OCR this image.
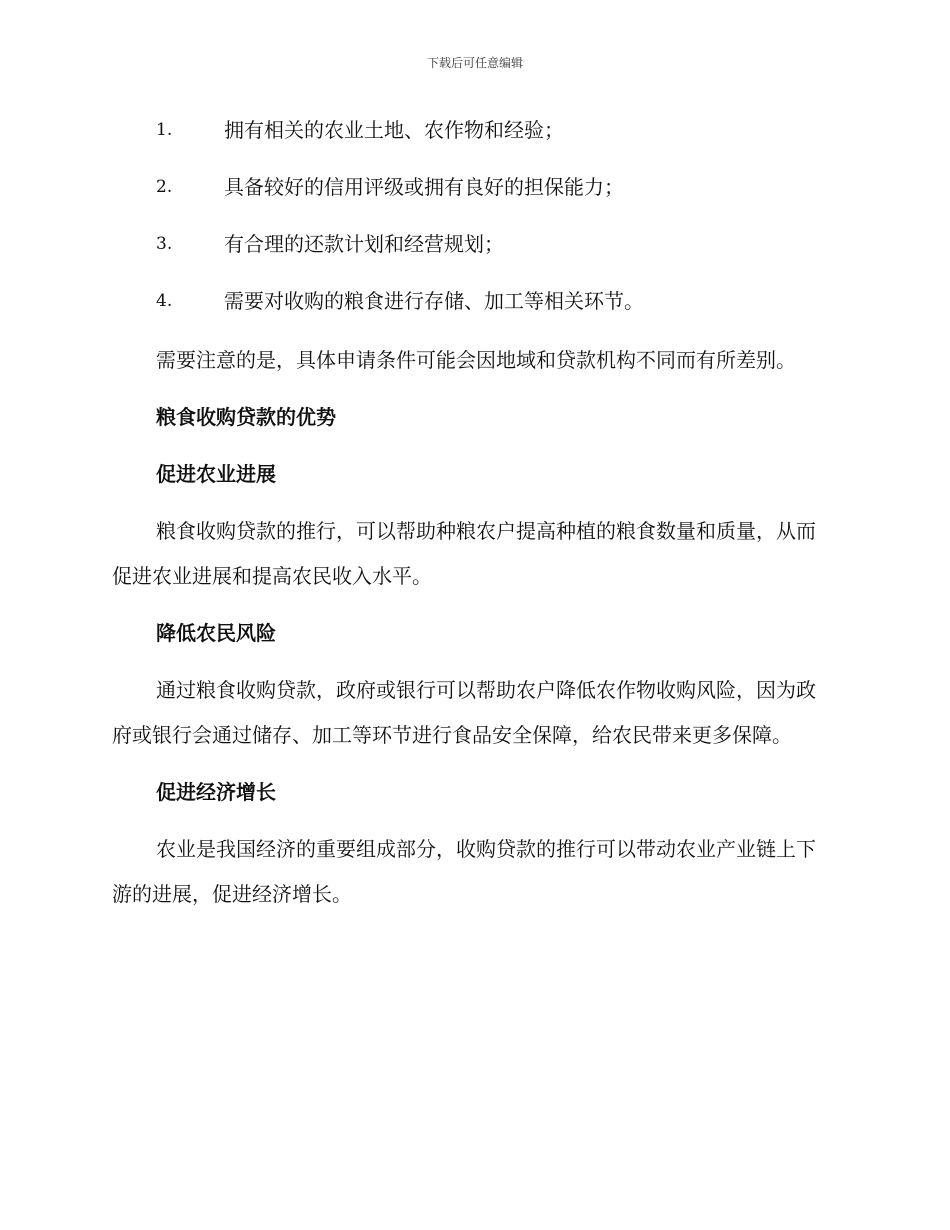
下载后可任意编辑
1.	拥有相关的农业土地、农作物和经验；
2.	具备较好的信用评级或拥有良好的担保能力；
3.	有合理的还款计划和经营规划；
4.	需要对收购的粮食进行存储、加工等相关环节。

需要注意的是，具体申请条件可能会因地域和贷款机构不同而有所差别。

粮食收购贷款的优势

促进农业进展

粮食收购贷款的推行，可以帮助种粮农户提高种植的粮食数量和质量，从而促进农业进展和提高农民收入水平。

降低农民风险

通过粮食收购贷款，政府或银行可以帮助农户降低农作物收购风险，因为政府或银行会通过储存、加工等环节进行食品安全保障，给农民带来更多保障。

促进经济增长

农业是我国经济的重要组成部分，收购贷款的推行可以带动农业产业链上下游的进展，促进经济增长。
